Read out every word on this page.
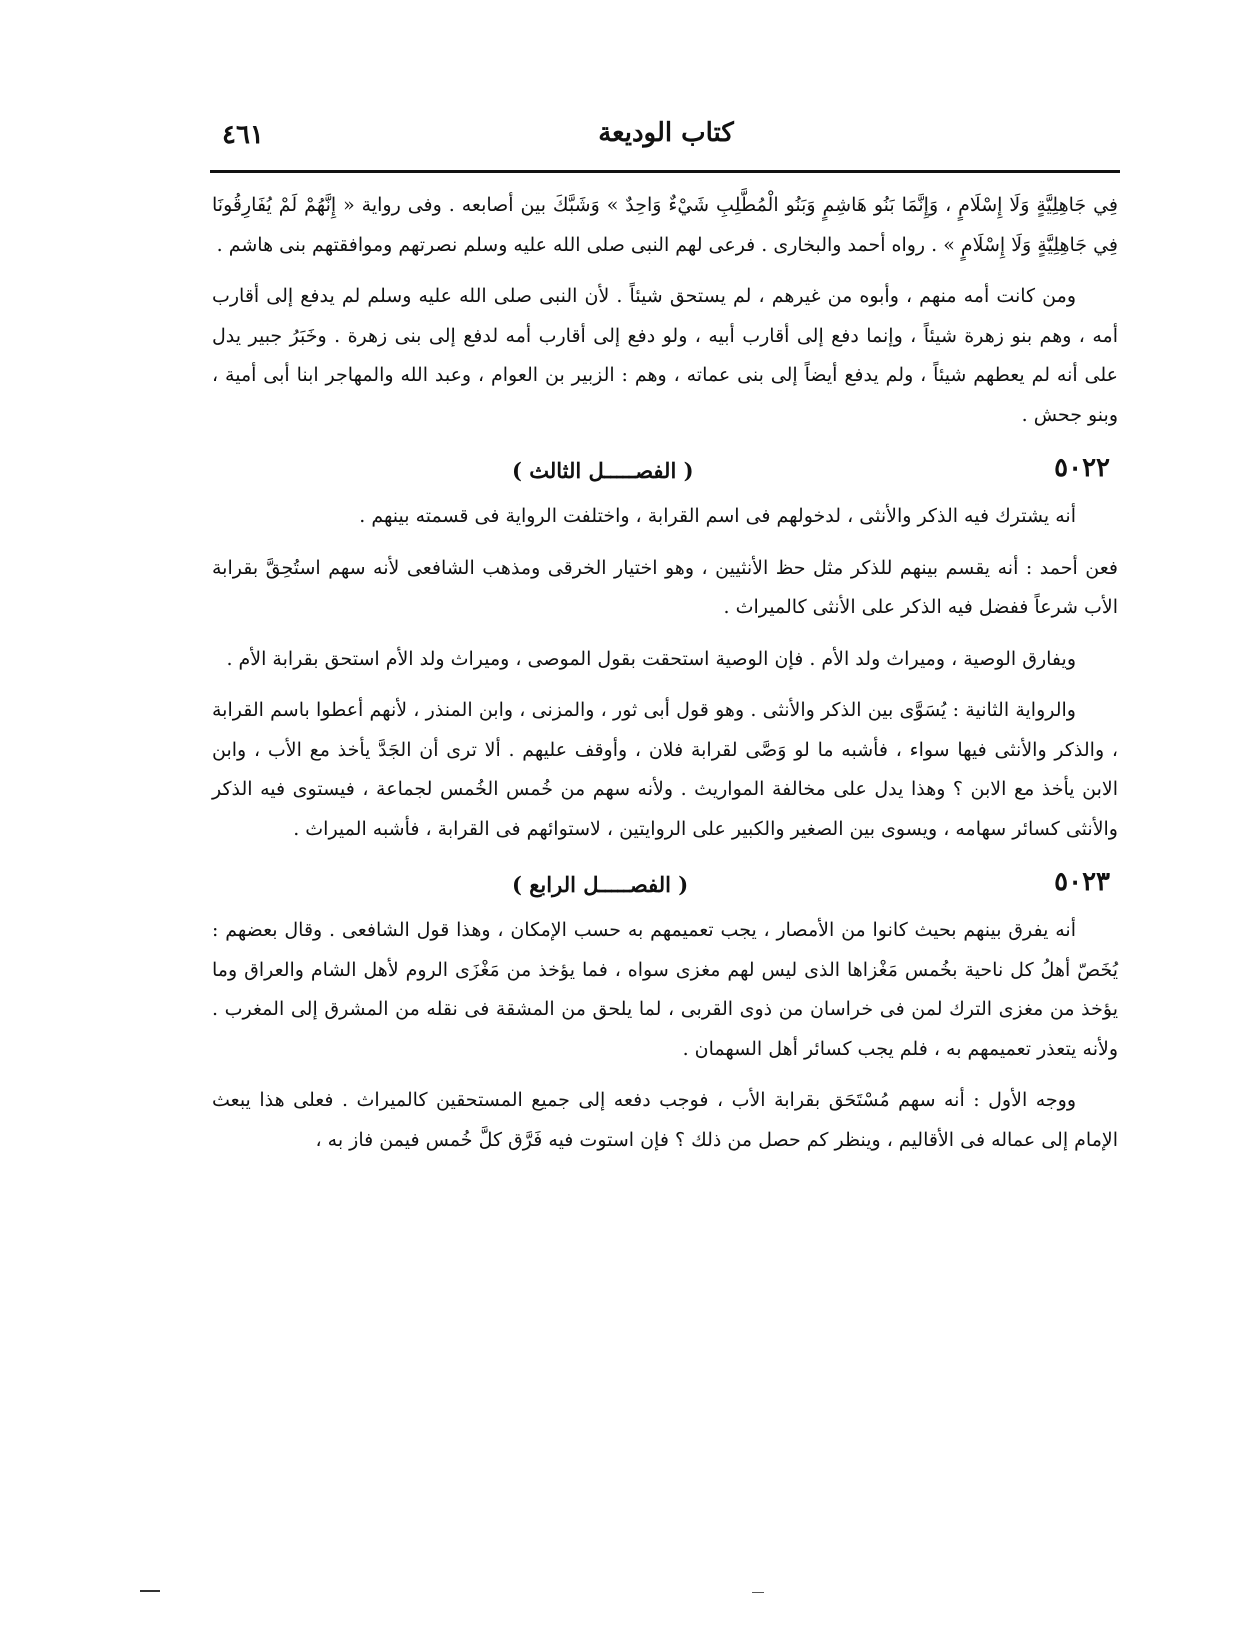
كتاب الوديعة
٤٦١

فِي جَاهِلِيَّةٍ وَلَا إِسْلَامٍ ، وَإِنَّمَا بَنُو هَاشِمٍ وَبَنُو الْمُطَّلِبِ شَيْءٌ وَاحِدٌ » وَشَبَّكَ بين أصابعه . وفى رواية « إِنَّهُمْ لَمْ يُفَارِقُونَا فِي جَاهِلِيَّةٍ وَلَا إِسْلَامٍ » . رواه أحمد والبخارى . فرعى لهم النبى صلى الله عليه وسلم نصرتهم وموافقتهم بنى هاشم .

ومن كانت أمه منهم ، وأبوه من غيرهم ، لم يستحق شيئاً . لأن النبى صلى الله عليه وسلم لم يدفع إلى أقارب أمه ، وهم بنو زهرة شيئاً ، وإنما دفع إلى أقارب أبيه ، ولو دفع إلى أقارب أمه لدفع إلى بنى زهرة . وخَبَرُ جبير يدل على أنه لم يعطهم شيئاً ، ولم يدفع أيضاً إلى بنى عماته ، وهم : الزبير بن العوام ، وعبد الله والمهاجر ابنا أبى أمية ، وبنو جحش .

٥٠٢٢
( الفصـــــل الثالث )

أنه يشترك فيه الذكر والأنثى ، لدخولهم فى اسم القرابة ، واختلفت الرواية فى قسمته بينهم .

فعن أحمد : أنه يقسم بينهم للذكر مثل حظ الأنثيين ، وهو اختيار الخرقى ومذهب الشافعى لأنه سهم استُحِقَّ بقرابة الأب شرعاً ففضل فيه الذكر على الأنثى كالميراث .

ويفارق الوصية ، وميراث ولد الأم . فإن الوصية استحقت بقول الموصى ، وميراث ولد الأم استحق بقرابة الأم .

والرواية الثانية : يُسَوَّى بين الذكر والأنثى . وهو قول أبى ثور ، والمزنى ، وابن المنذر ، لأنهم أعطوا باسم القرابة ، والذكر والأنثى فيها سواء ، فأشبه ما لو وَصَّى لقرابة فلان ، وأوقف عليهم . ألا ترى أن الجَدَّ يأخذ مع الأب ، وابن الابن يأخذ مع الابن ؟ وهذا يدل على مخالفة المواريث . ولأنه سهم من خُمس الخُمس لجماعة ، فيستوى فيه الذكر والأنثى كسائر سهامه ، ويسوى بين الصغير والكبير على الروايتين ، لاستوائهم فى القرابة ، فأشبه الميراث .

٥٠٢٣
( الفصـــــل الرابع )

أنه يفرق بينهم بحيث كانوا من الأمصار ، يجب تعميمهم به حسب الإمكان ، وهذا قول الشافعى . وقال بعضهم : يُخَصّ أهلُ كل ناحية بخُمس مَغْزاها الذى ليس لهم مغزى سواه ، فما يؤخذ من مَغْزَى الروم لأهل الشام والعراق وما يؤخذ من مغزى الترك لمن فى خراسان من ذوى القربى ، لما يلحق من المشقة فى نقله من المشرق إلى المغرب . ولأنه يتعذر تعميمهم به ، فلم يجب كسائر أهل السهمان .

ووجه الأول : أنه سهم مُسْتَحَق بقرابة الأب ، فوجب دفعه إلى جميع المستحقين كالميراث . فعلى هذا يبعث الإمام إلى عماله فى الأقاليم ، وينظر كم حصل من ذلك ؟ فإن استوت فيه فَرَّق كلَّ خُمس فيمن فاز به ،
